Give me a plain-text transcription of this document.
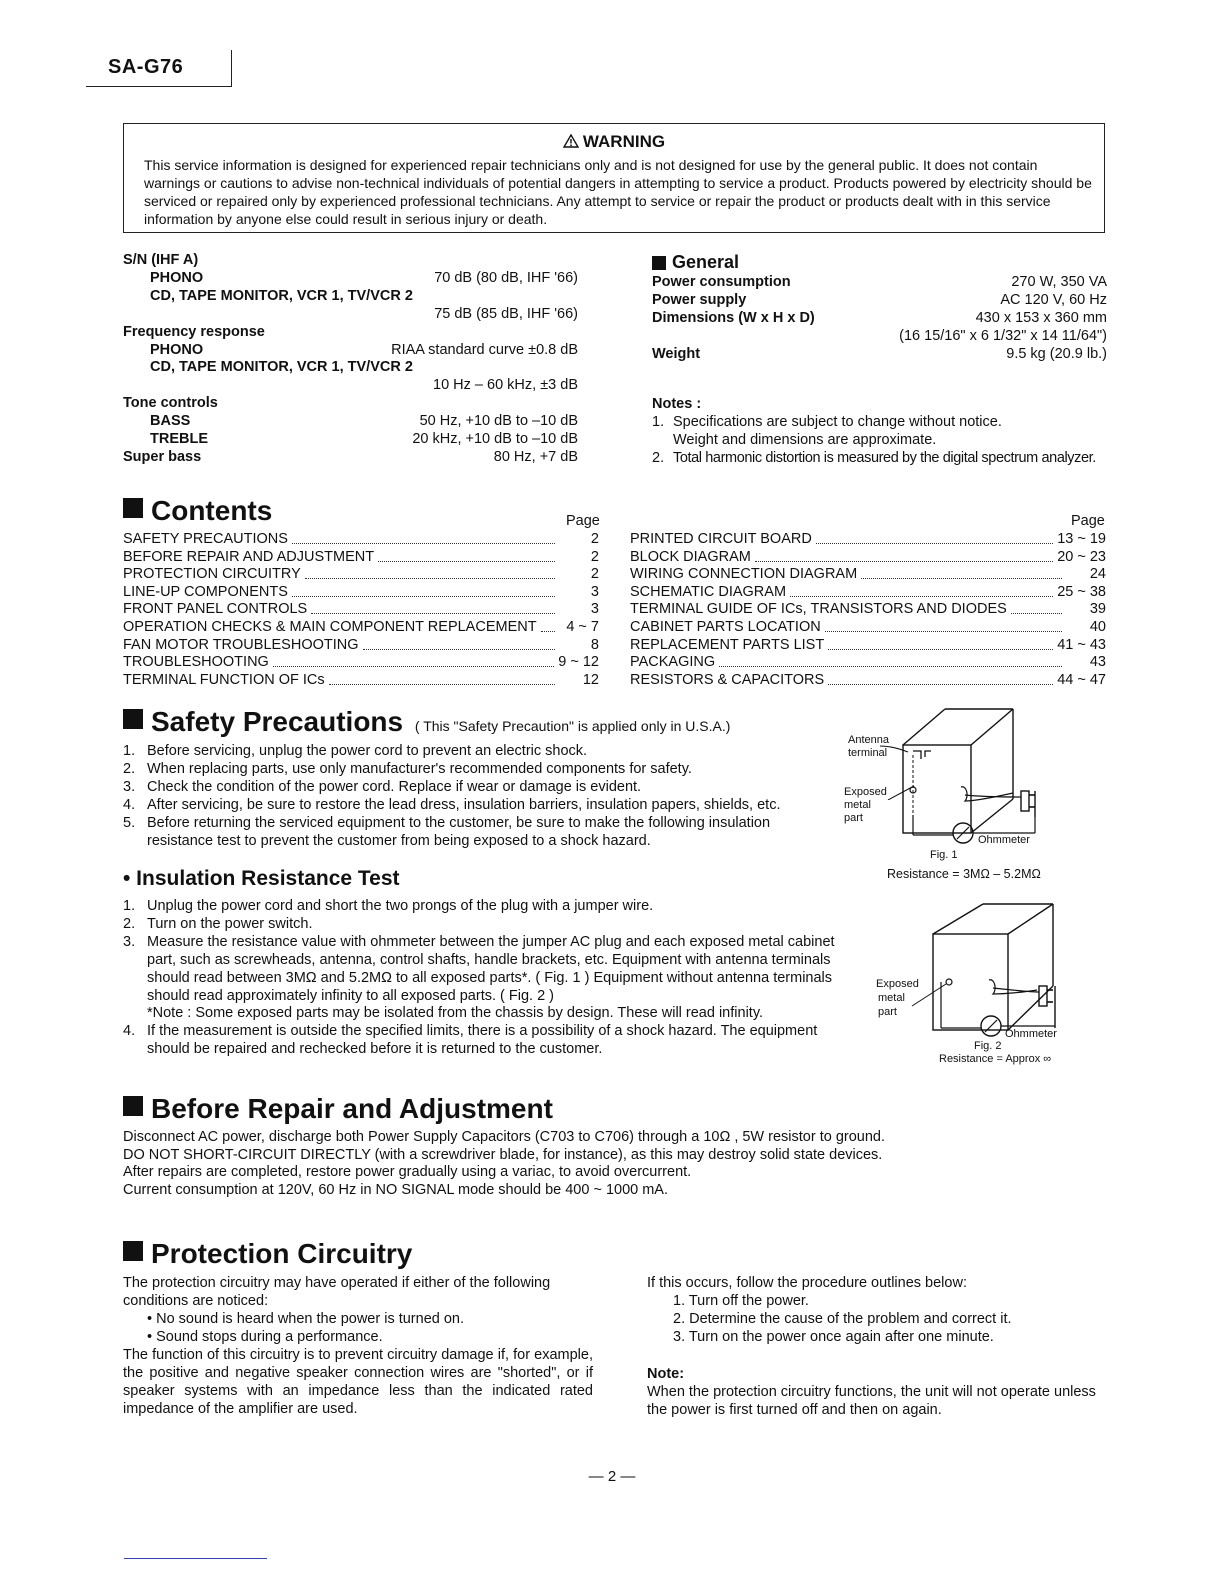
SA-G76
WARNING
This service information is designed for experienced repair technicians only and is not designed for use by the general public. It does not contain warnings or cautions to advise non-technical individuals of potential dangers in attempting to service a product. Products powered by electricity should be serviced or repaired only by experienced professional technicians. Any attempt to service or repair the product or products dealt with in this service information by anyone else could result in serious injury or death.
S/N (IHF A)
PHONO	70 dB (80 dB, IHF '66)
CD, TAPE MONITOR, VCR 1, TV/VCR 2
75 dB (85 dB, IHF '66)
Frequency response
PHONO	RIAA standard curve ±0.8 dB
CD, TAPE MONITOR, VCR 1, TV/VCR 2
10 Hz – 60 kHz, ±3 dB
Tone controls
BASS	50 Hz, +10 dB to –10 dB
TREBLE	20 kHz, +10 dB to –10 dB
Super bass	80 Hz, +7 dB
General
Power consumption	270 W, 350 VA
Power supply	AC 120 V, 60 Hz
Dimensions (W x H x D)	430 x 153 x 360 mm
(16 15/16" x 6 1/32" x 14 11/64")
Weight	9.5 kg (20.9 lb.)
Notes :
1. Specifications are subject to change without notice.
Weight and dimensions are approximate.
2. Total harmonic distortion is measured by the digital spectrum analyzer.
Contents	Page	Page
SAFETY PRECAUTIONS	2
BEFORE REPAIR AND ADJUSTMENT	2
PROTECTION CIRCUITRY	2
LINE-UP COMPONENTS	3
FRONT PANEL CONTROLS	3
OPERATION CHECKS & MAIN COMPONENT REPLACEMENT	4 ~ 7
FAN MOTOR TROUBLESHOOTING	8
TROUBLESHOOTING	9 ~ 12
TERMINAL FUNCTION OF ICs	12
PRINTED CIRCUIT BOARD	13 ~ 19
BLOCK DIAGRAM	20 ~ 23
WIRING CONNECTION DIAGRAM	24
SCHEMATIC DIAGRAM	25 ~ 38
TERMINAL GUIDE OF ICs, TRANSISTORS AND DIODES	39
CABINET PARTS LOCATION	40
REPLACEMENT PARTS LIST	41 ~ 43
PACKAGING	43
RESISTORS & CAPACITORS	44 ~ 47
Safety Precautions ( This "Safety Precaution" is applied only in U.S.A.)
1. Before servicing, unplug the power cord to prevent an electric shock.
2. When replacing parts, use only manufacturer's recommended components for safety.
3. Check the condition of the power cord. Replace if wear or damage is evident.
4. After servicing, be sure to restore the lead dress, insulation barriers, insulation papers, shields, etc.
5. Before returning the serviced equipment to the customer, be sure to make the following insulation resistance test to prevent the customer from being exposed to a shock hazard.
• Insulation Resistance Test
1. Unplug the power cord and short the two prongs of the plug with a jumper wire.
2. Turn on the power switch.
3. Measure the resistance value with ohmmeter between the jumper AC plug and each exposed metal cabinet part, such as screwheads, antenna, control shafts, handle brackets, etc. Equipment with antenna terminals should read between 3MΩ and 5.2MΩ to all exposed parts*. ( Fig. 1 ) Equipment without antenna terminals should read approximately infinity to all exposed parts. ( Fig. 2 )
*Note : Some exposed parts may be isolated from the chassis by design. These will read infinity.
4. If the measurement is outside the specified limits, there is a possibility of a shock hazard. The equipment should be repaired and rechecked before it is returned to the customer.
Antenna
terminal
Exposed
metal
part
Ohmmeter
Fig. 1
Resistance = 3MΩ – 5.2MΩ
Exposed
metal
part
Ohmmeter
Fig. 2
Resistance = Approx ∞
Before Repair and Adjustment
Disconnect AC power, discharge both Power Supply Capacitors (C703 to C706) through a 10Ω , 5W resistor to ground.
DO NOT SHORT-CIRCUIT DIRECTLY (with a screwdriver blade, for instance), as this may destroy solid state devices.
After repairs are completed, restore power gradually using a variac, to avoid overcurrent.
Current consumption at 120V, 60 Hz in NO SIGNAL mode should be 400 ~ 1000 mA.
Protection Circuitry
The protection circuitry may have operated if either of the following conditions are noticed:
• No sound is heard when the power is turned on.
• Sound stops during a performance.
The function of this circuitry is to prevent circuitry damage if, for example, the positive and negative speaker connection wires are "shorted", or if speaker systems with an impedance less than the indicated rated impedance of the amplifier are used.
If this occurs, follow the procedure outlines below:
1. Turn off the power.
2. Determine the cause of the problem and correct it.
3. Turn on the power once again after one minute.
Note:
When the protection circuitry functions, the unit will not operate unless the power is first turned off and then on again.
— 2 —
